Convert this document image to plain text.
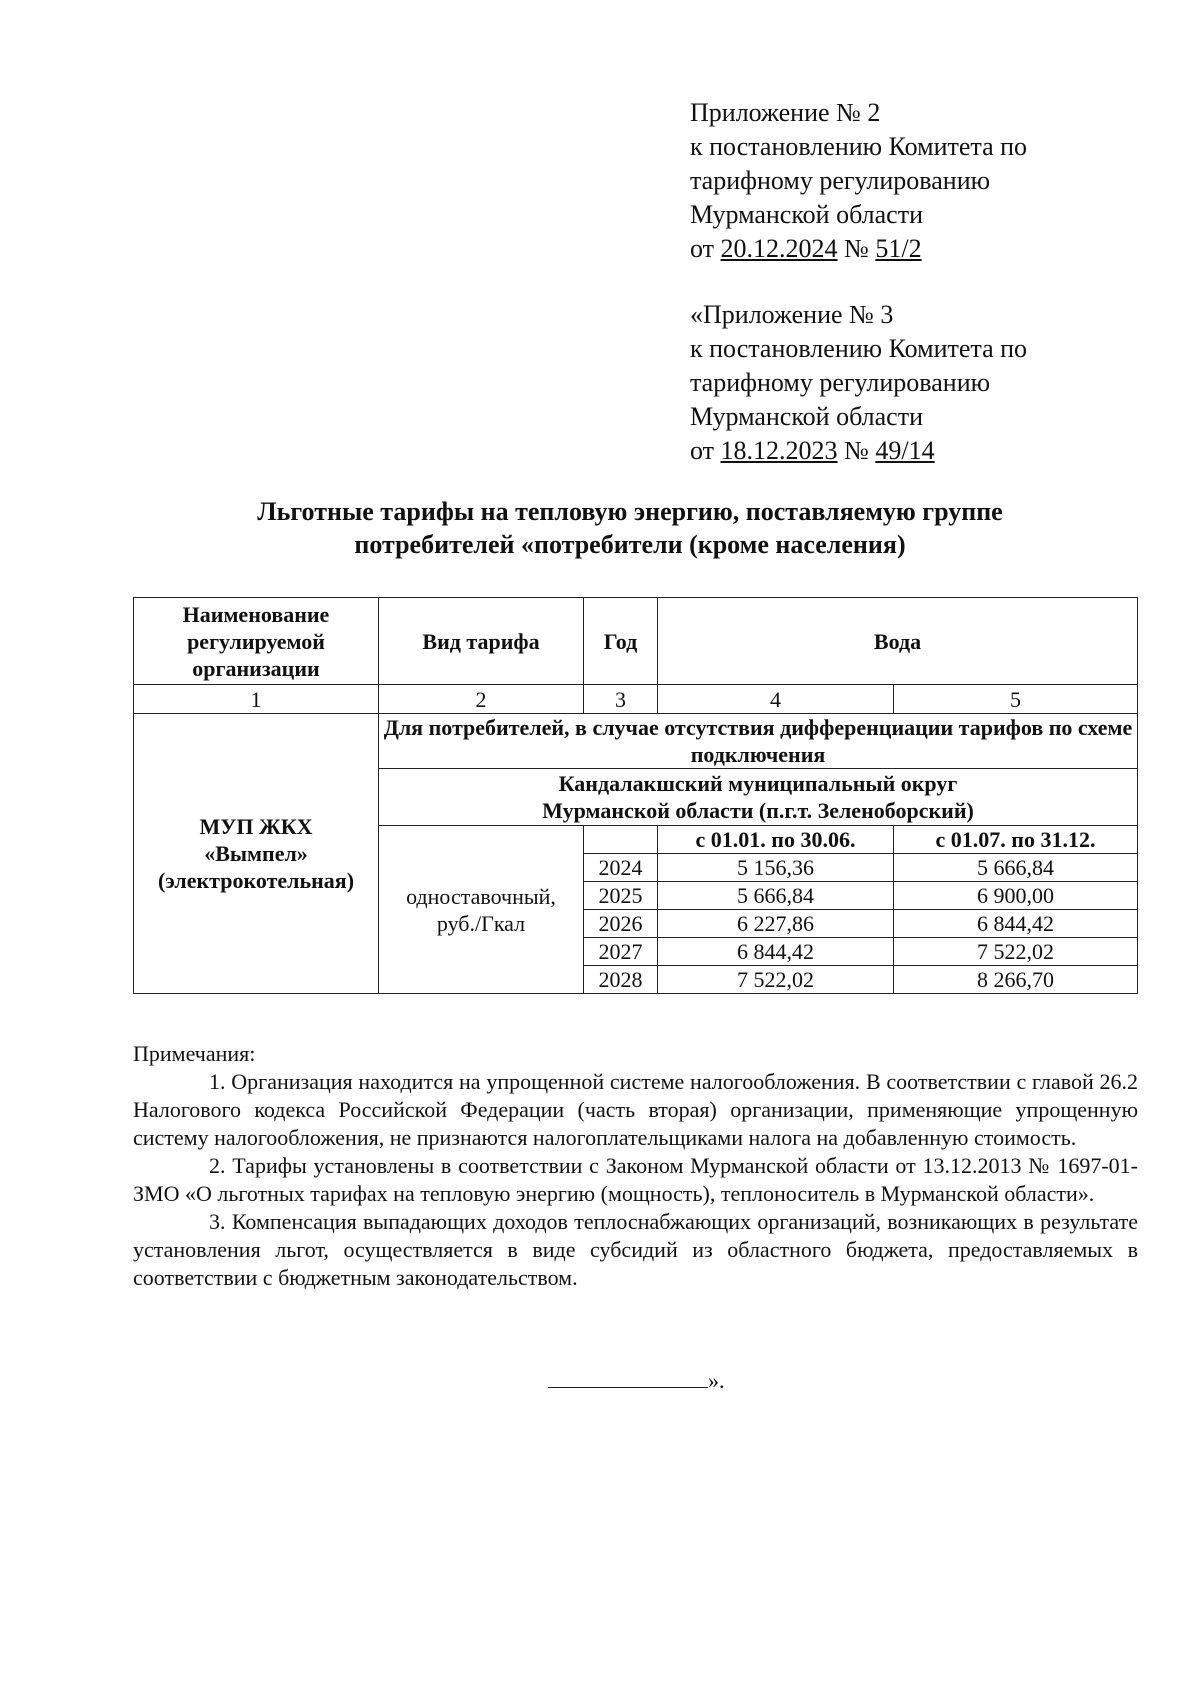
Приложение № 2
к постановлению Комитета по
тарифному регулированию
Мурманской области
от 20.12.2024 № 51/2
«Приложение № 3
к постановлению Комитета по
тарифному регулированию
Мурманской области
от 18.12.2023 № 49/14
Льготные тарифы на тепловую энергию, поставляемую группе
потребителей «потребители (кроме населения)
Наименование регулируемой организации	Вид тарифа	Год	Вода	
1	2	3	4	5

МУП ЖКХ
«Вымпел»
(электрокотельная)	Для потребителей, в случае отсутствия дифференциации тарифов по схеме подключения			

	Кандалакшский муниципальный округ
Мурманской области (п.г.т. Зеленоборский)			

	одноставочный,
руб./Гкал		с 01.01. по 30.06.	с 01.07. по 31.12.
		2024	5 156,36	5 666,84
		2025	5 666,84	6 900,00
		2026	6 227,86	6 844,42
		2027	6 844,42	7 522,02
		2028	7 522,02	8 266,70

Примечания:

1. Организация находится на упрощенной системе налогообложения. В соответствии с главой 26.2 Налогового кодекса Российской Федерации (часть вторая) организации, применяющие упрощенную систему налогообложения, не признаются налогоплательщиками налога на добавленную стоимость.

2. Тарифы установлены в соответствии с Законом Мурманской области от 13.12.2013 № 1697-01-ЗМО «О льготных тарифах на тепловую энергию (мощность), теплоноситель в Мурманской области».

3. Компенсация выпадающих доходов теплоснабжающих организаций, возникающих в результате установления льгот, осуществляется в виде субсидий из областного бюджета, предоставляемых в соответствии с бюджетным законодательством.

».
